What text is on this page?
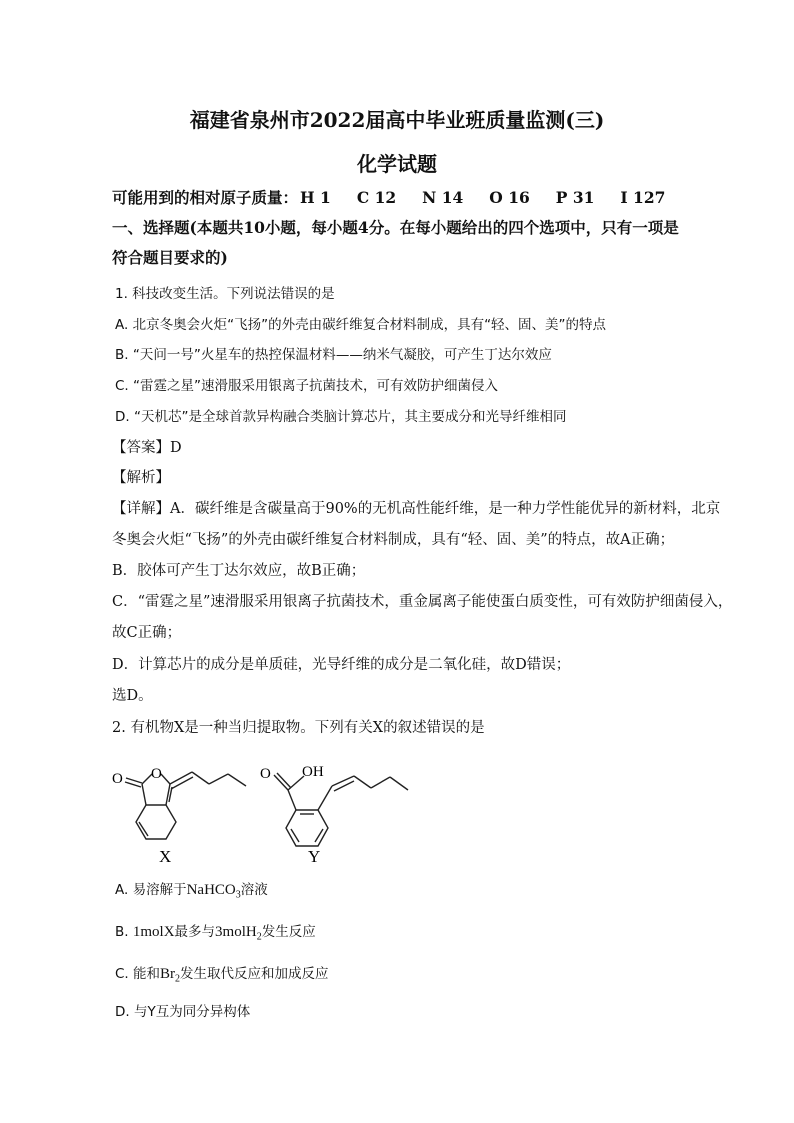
福建省泉州市2022届高中毕业班质量监测(三)
化学试题
可能用到的相对原子质量： H 1 C 12 N 14 O 16 P 31 I 127
一、选择题(本题共10小题，每小题4分。在每小题给出的四个选项中，只有一项是
符合题目要求的)
1. 科技改变生活。下列说法错误的是
A. 北京冬奥会火炬“飞扬”的外壳由碳纤维复合材料制成，具有“轻、固、美”的特点
B. “天问一号”火星车的热控保温材料——纳米气凝胶，可产生丁达尔效应
C. “雷霆之星”速滑服采用银离子抗菌技术，可有效防护细菌侵入
D. “天机芯”是全球首款异构融合类脑计算芯片，其主要成分和光导纤维相同
【答案】D
【解析】
【详解】A．碳纤维是含碳量高于90%的无机高性能纤维，是一种力学性能优异的新材料，北京
冬奥会火炬“飞扬”的外壳由碳纤维复合材料制成，具有“轻、固、美”的特点，故A正确；
B．胶体可产生丁达尔效应，故B正确；
C．“雷霆之星”速滑服采用银离子抗菌技术，重金属离子能使蛋白质变性，可有效防护细菌侵入，
故C正确；
D．计算芯片的成分是单质硅，光导纤维的成分是二氧化硅，故D错误；
选D。
2. 有机物X是一种当归提取物。下列有关X的叙述错误的是
O O	O OH
X	Y
A. 易溶解于NaHCO$_3$溶液
B. 1molX最多与3molH$_2$发生反应
C. 能和$Br_2$发生取代反应和加成反应
D. 与Y互为同分异构体
